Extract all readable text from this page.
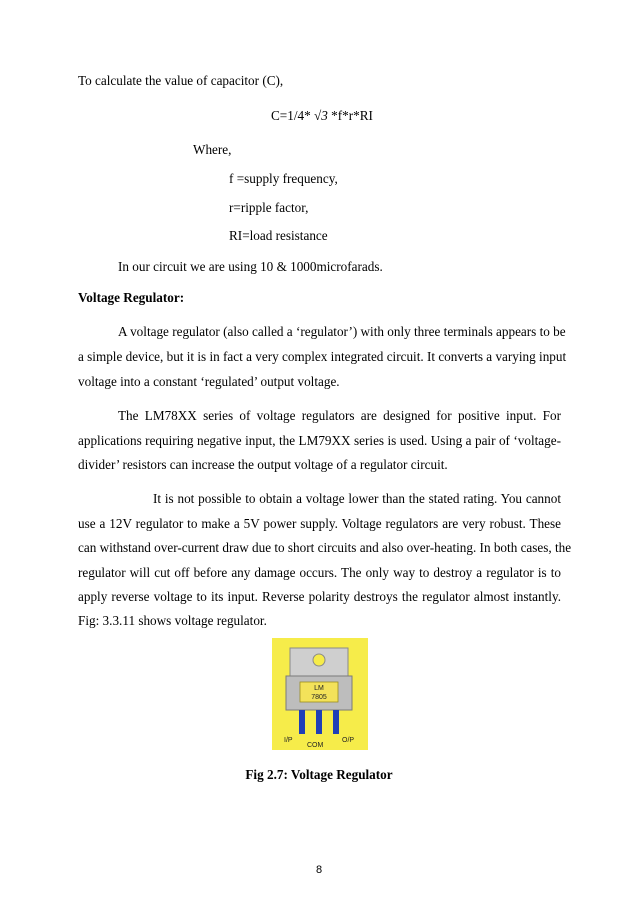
To calculate the value of capacitor (C),
C=1/4* √3 *f*r*RI
Where,
f =supply frequency,
r=ripple factor,
RI=load resistance
In our circuit we are using 10 & 1000microfarads.
Voltage Regulator:
A voltage regulator (also called a ‘regulator’) with only three terminals appears to be
a simple device, but it is in fact a very complex integrated circuit. It converts a varying input
voltage into a constant ‘regulated’ output voltage.
The LM78XX series of voltage regulators are designed for positive input. For
applications requiring negative input, the LM79XX series is used. Using a pair of ‘voltage-
divider’ resistors can increase the output voltage of a regulator circuit.
It is not possible to obtain a voltage lower than the stated rating. You cannot
use a 12V regulator to make a 5V power supply. Voltage regulators are very robust. These
can withstand over-current draw due to short circuits and also over-heating. In both cases, the
regulator will cut off before any damage occurs. The only way to destroy a regulator is to
apply reverse voltage to its input. Reverse polarity destroys the regulator almost instantly.
Fig: 3.3.11 shows voltage regulator.
LM
7805
I/P
COM
O/P
Fig 2.7: Voltage Regulator
8
